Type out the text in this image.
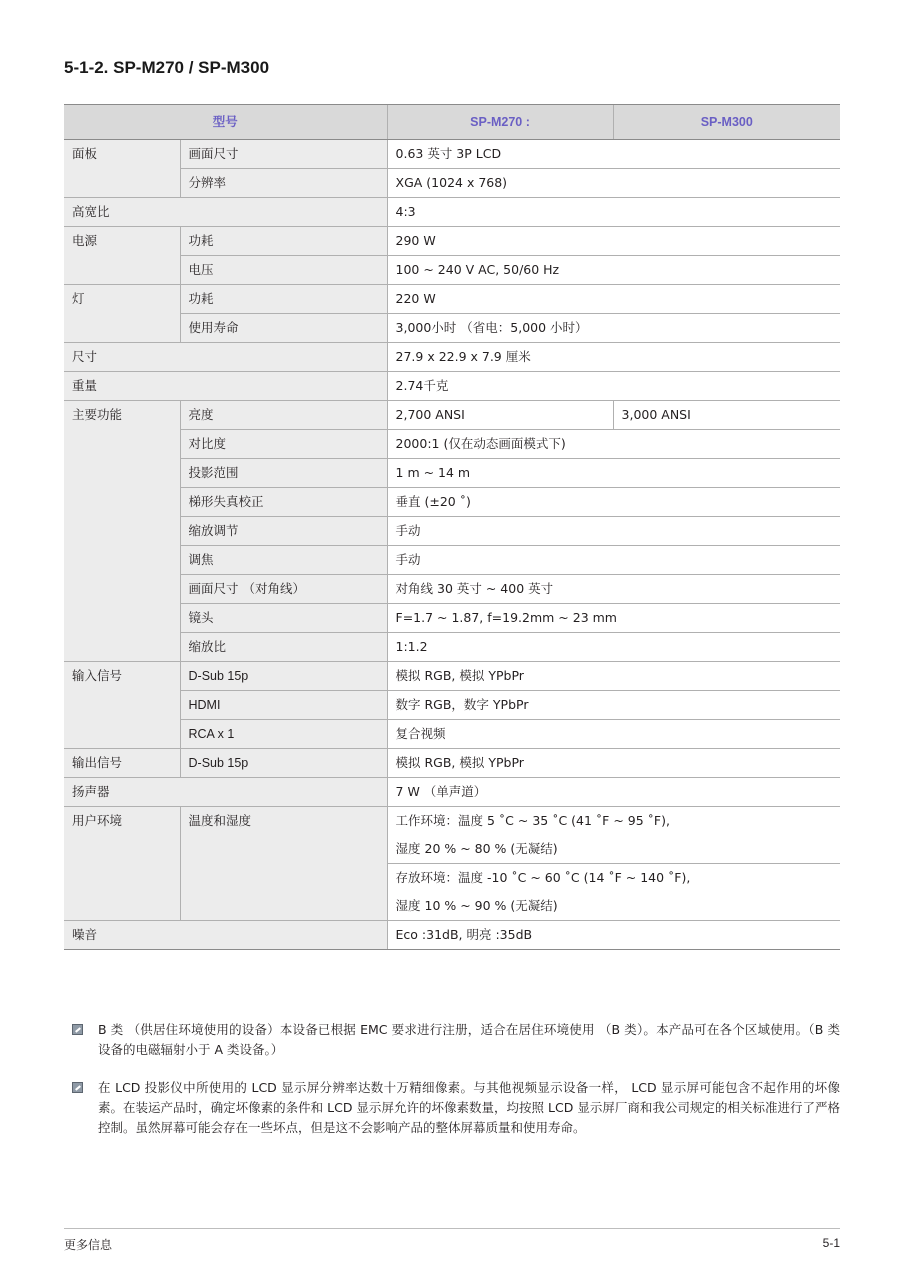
5-1-2. SP-M270 / SP-M300
型号		SP-M270 :	SP-M300
面板	画面尺寸	0.63 英寸 3P LCD	
	分辨率	XGA (1024 x 768)	
高宽比		4:3	
电源	功耗	290 W	
	电压	100 ~ 240 V AC, 50/60 Hz	
灯	功耗	220 W	
	使用寿命	3,000小时 （省电：5,000 小时）	
尺寸		27.9 x 22.9 x 7.9 厘米	
重量		2.74千克	
主要功能	亮度	2,700 ANSI	3,000 ANSI
	对比度	2000:1 (仅在动态画面模式下)	
	投影范围	1 m ~ 14 m	
	梯形失真校正	垂直 (±20 ˚)	
	缩放调节	手动	
	调焦	手动	
	画面尺寸 （对角线）	对角线 30 英寸 ~ 400 英寸	
	镜头	F=1.7 ~ 1.87, f=19.2mm ~ 23 mm	
	缩放比	1:1.2	
输入信号	D-Sub 15p	模拟 RGB, 模拟 YPbPr	
	HDMI	数字 RGB，数字 YPbPr	
	RCA x 1	复合视频	
输出信号	D-Sub 15p	模拟 RGB, 模拟 YPbPr	
扬声器		7 W （单声道）	
用户环境	温度和湿度	工作环境：温度 5 ˚C ~ 35 ˚C (41 ˚F ~ 95 ˚F),
湿度 20 % ~ 80 % (无凝结)	

		存放环境：温度 -10 ˚C ~ 60 ˚C (14 ˚F ~ 140 ˚F),
湿度 10 % ~ 90 % (无凝结)	

噪音		Eco :31dB, 明亮 :35dB	
B 类 （供居住环境使用的设备）本设备已根据 EMC 要求进行注册，适合在居住环境使用 （B 类）。本产品可在各个区域使用。（B 类设备的电磁辐射小于 A 类设备。）
在 LCD 投影仪中所使用的 LCD 显示屏分辨率达数十万精细像素。与其他视频显示设备一样， LCD 显示屏可能包含不起作用的坏像素。在装运产品时，确定坏像素的条件和 LCD 显示屏允许的坏像素数量，均按照 LCD 显示屏厂商和我公司规定的相关标准进行了严格控制。虽然屏幕可能会存在一些坏点，但是这不会影响产品的整体屏幕质量和使用寿命。
更多信息	5-1
